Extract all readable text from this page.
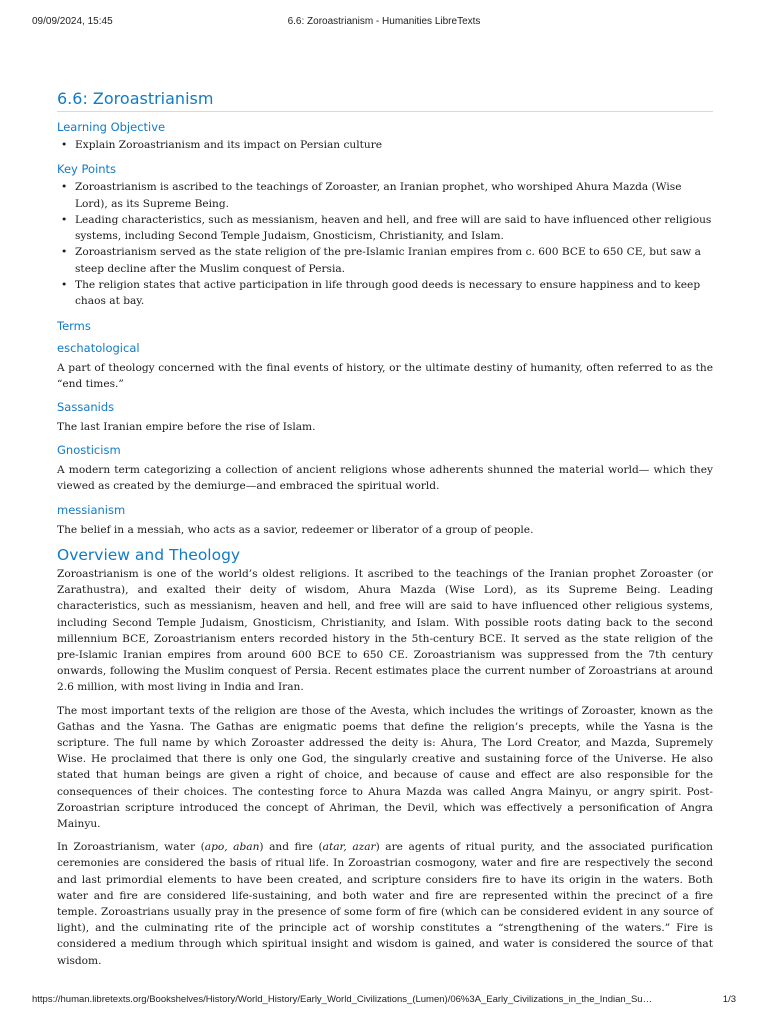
09/09/2024, 15:45	6.6: Zoroastrianism - Humanities LibreTexts
6.6: Zoroastrianism
Learning Objective
• Explain Zoroastrianism and its impact on Persian culture
Key Points
• Zoroastrianism is ascribed to the teachings of Zoroaster, an Iranian prophet, who worshiped Ahura Mazda (Wise Lord), as its Supreme Being.
• Leading characteristics, such as messianism, heaven and hell, and free will are said to have influenced other religious systems, including Second Temple Judaism, Gnosticism, Christianity, and Islam.
• Zoroastrianism served as the state religion of the pre-Islamic Iranian empires from c. 600 BCE to 650 CE, but saw a steep decline after the Muslim conquest of Persia.
• The religion states that active participation in life through good deeds is necessary to ensure happiness and to keep chaos at bay.
Terms
eschatological
A part of theology concerned with the final events of history, or the ultimate destiny of humanity, often referred to as the “end times.”
Sassanids
The last Iranian empire before the rise of Islam.
Gnosticism
A modern term categorizing a collection of ancient religions whose adherents shunned the material world— which they viewed as created by the demiurge—and embraced the spiritual world.
messianism
The belief in a messiah, who acts as a savior, redeemer or liberator of a group of people.
Overview and Theology

Zoroastrianism is one of the world’s oldest religions. It ascribed to the teachings of the Iranian prophet Zoroaster (or Zarathustra), and exalted their deity of wisdom, Ahura Mazda (Wise Lord), as its Supreme Being. Leading characteristics, such as messianism, heaven and hell, and free will are said to have influenced other religious systems, including Second Temple Judaism, Gnosticism, Christianity, and Islam. With possible roots dating back to the second millennium BCE, Zoroastrianism enters recorded history in the 5th-century BCE. It served as the state religion of the pre-Islamic Iranian empires from around 600 BCE to 650 CE. Zoroastrianism was suppressed from the 7th century onwards, following the Muslim conquest of Persia. Recent estimates place the current number of Zoroastrians at around 2.6 million, with most living in India and Iran.

The most important texts of the religion are those of the Avesta, which includes the writings of Zoroaster, known as the Gathas and the Yasna. The Gathas are enigmatic poems that define the religion’s precepts, while the Yasna is the scripture. The full name by which Zoroaster addressed the deity is: Ahura, The Lord Creator, and Mazda, Supremely Wise. He proclaimed that there is only one God, the singularly creative and sustaining force of the Universe. He also stated that human beings are given a right of choice, and because of cause and effect are also responsible for the consequences of their choices. The contesting force to Ahura Mazda was called Angra Mainyu, or angry spirit. Post-Zoroastrian scripture introduced the concept of Ahriman, the Devil, which was effectively a personification of Angra Mainyu.

In Zoroastrianism, water (apo, aban) and fire (atar, azar) are agents of ritual purity, and the associated purification ceremonies are considered the basis of ritual life. In Zoroastrian cosmogony, water and fire are respectively the second and last primordial elements to have been created, and scripture considers fire to have its origin in the waters. Both water and fire are considered life-sustaining, and both water and fire are represented within the precinct of a fire temple. Zoroastrians usually pray in the presence of some form of fire (which can be considered evident in any source of light), and the culminating rite of the principle act of worship constitutes a “strengthening of the waters.” Fire is considered a medium through which spiritual insight and wisdom is gained, and water is considered the source of that wisdom.

https://human.libretexts.org/Bookshelves/History/World_History/Early_World_Civilizations_(Lumen)/06%3A_Early_Civilizations_in_the_Indian_Su…	1/3
